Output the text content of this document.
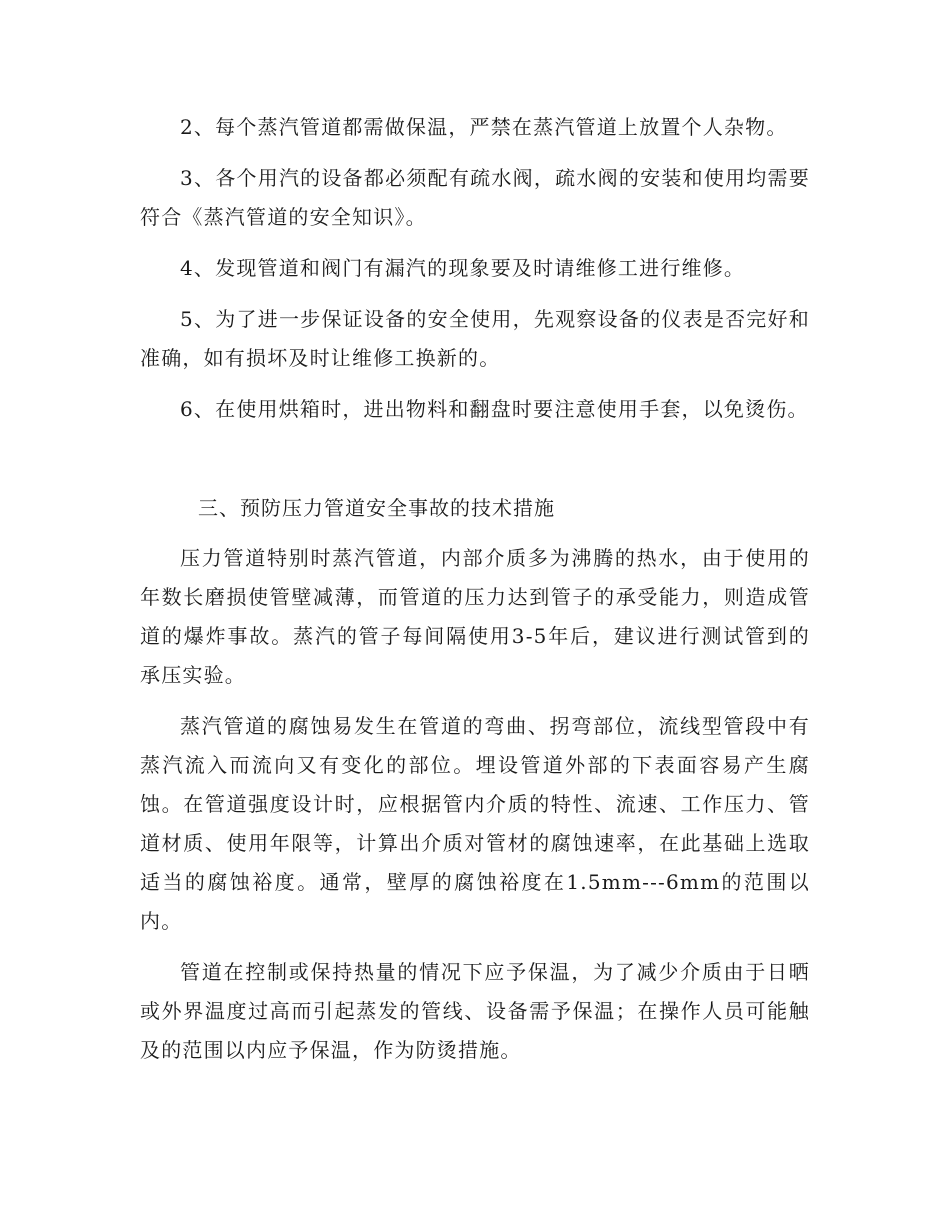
2、每个蒸汽管道都需做保温，严禁在蒸汽管道上放置个人杂物。

3、各个用汽的设备都必须配有疏水阀，疏水阀的安装和使用均需要符合《蒸汽管道的安全知识》。

4、发现管道和阀门有漏汽的现象要及时请维修工进行维修。

5、为了进一步保证设备的安全使用，先观察设备的仪表是否完好和准确，如有损坏及时让维修工换新的。

6、在使用烘箱时，进出物料和翻盘时要注意使用手套，以免烫伤。

三、预防压力管道安全事故的技术措施

压力管道特别时蒸汽管道，内部介质多为沸腾的热水，由于使用的年数长磨损使管壁减薄，而管道的压力达到管子的承受能力，则造成管道的爆炸事故。蒸汽的管子每间隔使用3-5年后，建议进行测试管到的承压实验。

蒸汽管道的腐蚀易发生在管道的弯曲、拐弯部位，流线型管段中有蒸汽流入而流向又有变化的部位。埋设管道外部的下表面容易产生腐蚀。在管道强度设计时，应根据管内介质的特性、流速、工作压力、管道材质、使用年限等，计算出介质对管材的腐蚀速率，在此基础上选取适当的腐蚀裕度。通常，壁厚的腐蚀裕度在1.5mm---6mm的范围以内。

管道在控制或保持热量的情况下应予保温，为了减少介质由于日晒或外界温度过高而引起蒸发的管线、设备需予保温；在操作人员可能触及的范围以内应予保温，作为防烫措施。
